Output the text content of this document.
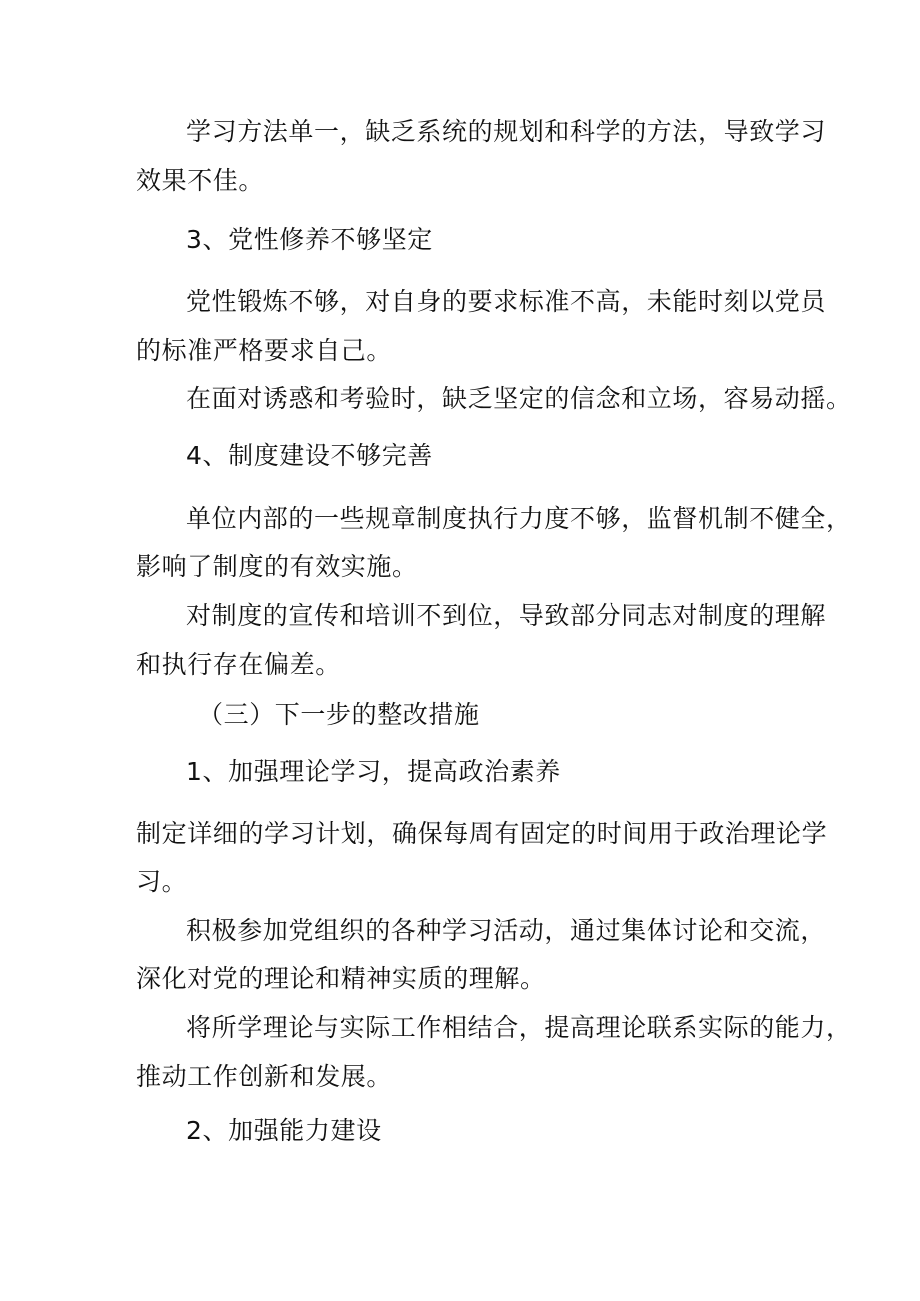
学习方法单一，缺乏系统的规划和科学的方法，导致学习
效果不佳。
3、党性修养不够坚定
党性锻炼不够，对自身的要求标准不高，未能时刻以党员
的标准严格要求自己。
在面对诱惑和考验时，缺乏坚定的信念和立场，容易动摇。
4、制度建设不够完善
单位内部的一些规章制度执行力度不够，监督机制不健全，
影响了制度的有效实施。
对制度的宣传和培训不到位，导致部分同志对制度的理解
和执行存在偏差。
（三）下一步的整改措施
1、加强理论学习，提高政治素养
制定详细的学习计划，确保每周有固定的时间用于政治理论学
习。
积极参加党组织的各种学习活动，通过集体讨论和交流，
深化对党的理论和精神实质的理解。
将所学理论与实际工作相结合，提高理论联系实际的能力，
推动工作创新和发展。
2、加强能力建设
